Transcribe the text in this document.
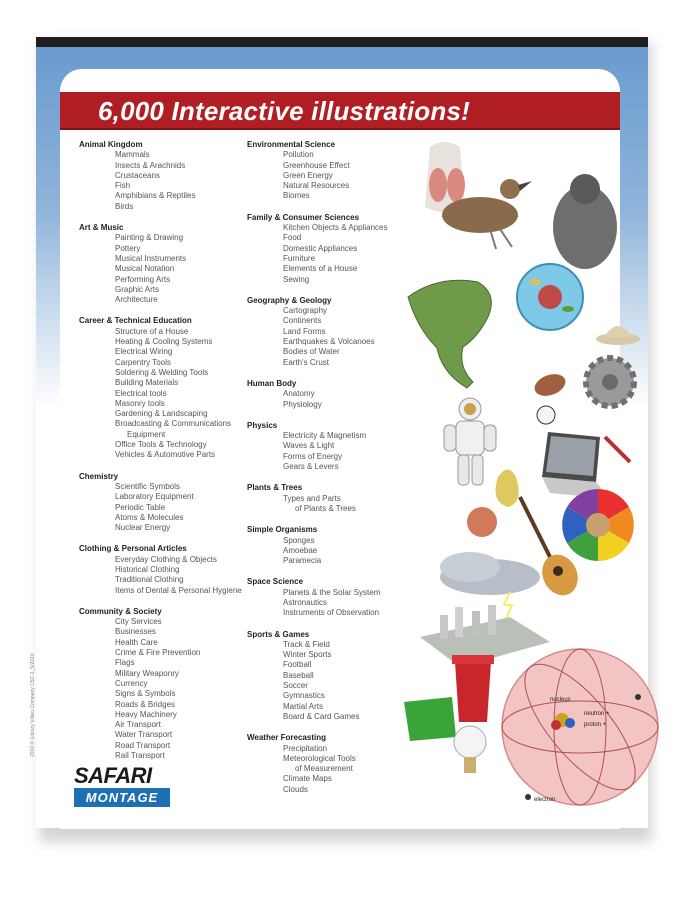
6,000 Interactive illustrations!
Animal Kingdom
Mammals
Insects & Arachnids
Crustaceans
Fish
Amphibians & Reptiles
Birds
Art & Music
Painting & Drawing
Pottery
Musical Instruments
Musical Notation
Performing Arts
Graphic Arts
Architecture
Career & Technical Education
Structure of a House
Heating & Cooling Systems
Electrical Wiring
Carpentry Tools
Soldering & Welding Tools
Building Materials
Electrical tools
Masonry tools
Gardening & Landscaping
Broadcasting & Communications
Equipment
Office Tools & Technology
Vehicles & Automotive Parts
Chemistry
Scientific Symbols
Laboratory Equipment
Periodic Table
Atoms & Molecules
Nuclear Energy
Clothing & Personal Articles
Everyday Clothing & Objects
Historical Clothing
Traditional Clothing
Items of Dental & Personal Hygiene
Community & Society
City Services
Businesses
Health Care
Crime & Fire Prevention
Flags
Military Weaponry
Currency
Signs & Symbols
Roads & Bridges
Heavy Machinery
Air Transport
Water Transport
Road Transport
Rail Transport
Environmental Science
Pollution
Greenhouse Effect
Green Energy
Natural Resources
Biomes
Family & Consumer Sciences
Kitchen Objects & Appliances
Food
Domestic Appliances
Furniture
Elements of a House
Sewing
Geography & Geology
Cartography
Continents
Land Forms
Earthquakes & Volcanoes
Bodies of Water
Earth's Crust
Human Body
Anatomy
Physiology
Physics
Electricity & Magnetism
Waves & Light
Forms of Energy
Gears & Levers
Plants & Trees
Types and Parts
of Plants & Trees
Simple Organisms
Sponges
Amoebae
Paramecia
Space Science
Planets & the Solar System
Astronautics
Instruments of Observation
Sports & Games
Track & Field
Winter Sports
Football
Baseball
Soccer
Gymnastics
Martial Arts
Board & Card Games
Weather Forecasting
Precipitation
Meteorological Tools
of Measurement
Climate Maps
Clouds
2010 © Library Video Company C5C-1_5/2010
SAFARI
MONTAGE
nucleus
neutron +
proton +
electron
